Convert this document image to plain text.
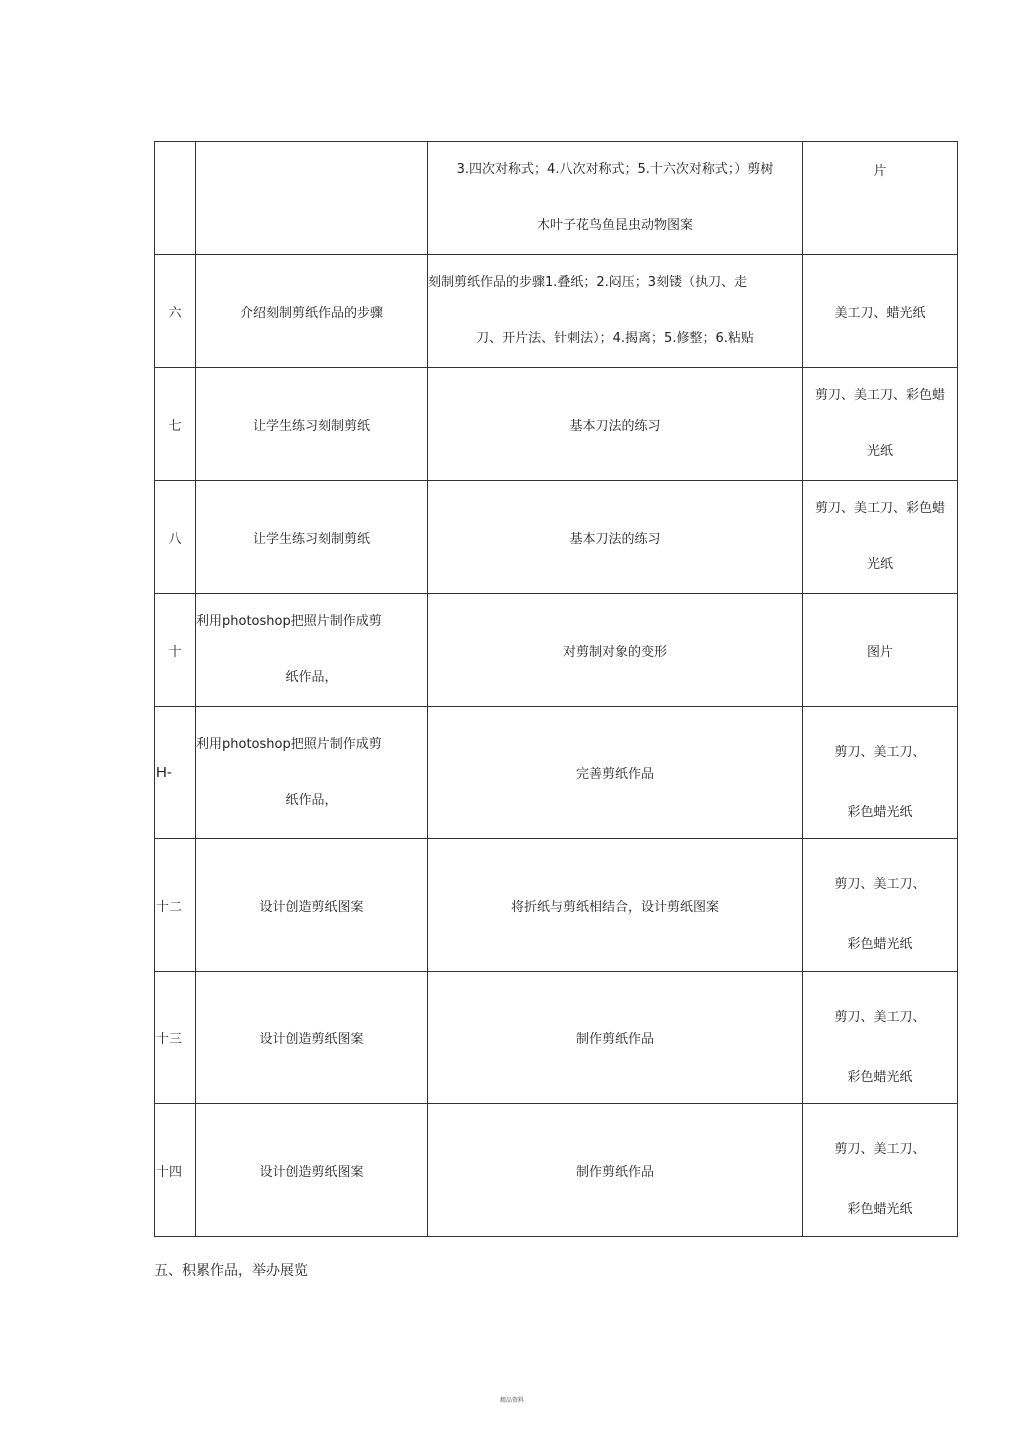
		3.四次对称式；4.八次对称式；5.十六次对称式；）剪树
木叶子花鸟鱼昆虫动物图案	片

六	介绍刻制剪纸作品的步骤	刻制剪纸作品的步骤1.叠纸；2.闷压；3刻镂（执刀、走
刀、开片法、针刺法）；4.揭离；5.修整；6.粘贴	美工刀、蜡光纸
七	让学生练习刻制剪纸	基本刀法的练习	剪刀、美工刀、彩色蜡
光纸

八	让学生练习刻制剪纸	基本刀法的练习	剪刀、美工刀、彩色蜡
光纸

十	利用photoshop把照片制作成剪
纸作品，	对剪制对象的变形	图片
H-	利用photoshop把照片制作成剪
纸作品，	完善剪纸作品	剪刀、美工刀、
彩色蜡光纸

十二	设计创造剪纸图案	将折纸与剪纸相结合，设计剪纸图案	剪刀、美工刀、
彩色蜡光纸

十三	设计创造剪纸图案	制作剪纸作品	剪刀、美工刀、
彩色蜡光纸

十四	设计创造剪纸图案	制作剪纸作品	剪刀、美工刀、
彩色蜡光纸
五、积累作品，举办展览
精品资料
